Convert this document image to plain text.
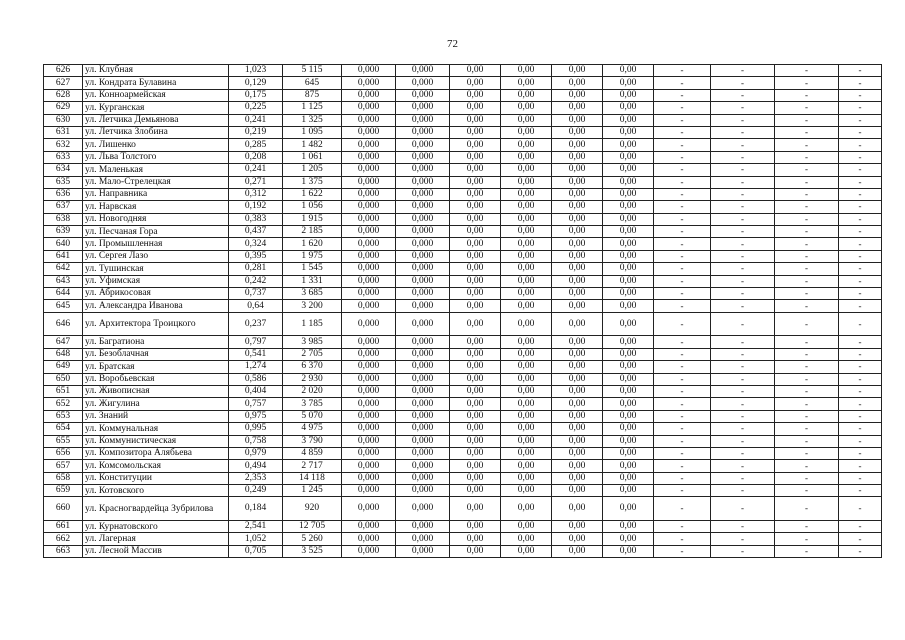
72
626	ул. Клубная	1,023	5 115	0,000	0,000	0,00	0,00	0,00	0,00	-	-	-	-
627	ул. Кондрата Булавина	0,129	645	0,000	0,000	0,00	0,00	0,00	0,00	-	-	-	-
628	ул. Конноармейская	0,175	875	0,000	0,000	0,00	0,00	0,00	0,00	-	-	-	-
629	ул. Курганская	0,225	1 125	0,000	0,000	0,00	0,00	0,00	0,00	-	-	-	-
630	ул. Летчика Демьянова	0,241	1 325	0,000	0,000	0,00	0,00	0,00	0,00	-	-	-	-
631	ул. Летчика Злобина	0,219	1 095	0,000	0,000	0,00	0,00	0,00	0,00	-	-	-	-
632	ул. Лишенко	0,285	1 482	0,000	0,000	0,00	0,00	0,00	0,00	-	-	-	-
633	ул. Льва Толстого	0,208	1 061	0,000	0,000	0,00	0,00	0,00	0,00	-	-	-	-
634	ул. Маленькая	0,241	1 205	0,000	0,000	0,00	0,00	0,00	0,00	-	-	-	-
635	ул. Мало-Стрелецкая	0,271	1 375	0,000	0,000	0,00	0,00	0,00	0,00	-	-	-	-
636	ул. Направника	0,312	1 622	0,000	0,000	0,00	0,00	0,00	0,00	-	-	-	-
637	ул. Нарвская	0,192	1 056	0,000	0,000	0,00	0,00	0,00	0,00	-	-	-	-
638	ул. Новогодняя	0,383	1 915	0,000	0,000	0,00	0,00	0,00	0,00	-	-	-	-
639	ул. Песчаная Гора	0,437	2 185	0,000	0,000	0,00	0,00	0,00	0,00	-	-	-	-
640	ул. Промышленная	0,324	1 620	0,000	0,000	0,00	0,00	0,00	0,00	-	-	-	-
641	ул. Сергея Лазо	0,395	1 975	0,000	0,000	0,00	0,00	0,00	0,00	-	-	-	-
642	ул. Тушинская	0,281	1 545	0,000	0,000	0,00	0,00	0,00	0,00	-	-	-	-
643	ул. Уфимская	0,242	1 331	0,000	0,000	0,00	0,00	0,00	0,00	-	-	-	-
644	ул. Абрикосовая	0,737	3 685	0,000	0,000	0,00	0,00	0,00	0,00	-	-	-	-
645	ул. Александра Иванова	0,64	3 200	0,000	0,000	0,00	0,00	0,00	0,00	-	-	-	-
646	ул. Архитектора Троицкого	0,237	1 185	0,000	0,000	0,00	0,00	0,00	0,00	-	-	-	-
647	ул. Багратиона	0,797	3 985	0,000	0,000	0,00	0,00	0,00	0,00	-	-	-	-
648	ул. Безоблачная	0,541	2 705	0,000	0,000	0,00	0,00	0,00	0,00	-	-	-	-
649	ул. Братская	1,274	6 370	0,000	0,000	0,00	0,00	0,00	0,00	-	-	-	-
650	ул. Воробьевская	0,586	2 930	0,000	0,000	0,00	0,00	0,00	0,00	-	-	-	-
651	ул. Живописная	0,404	2 020	0,000	0,000	0,00	0,00	0,00	0,00	-	-	-	-
652	ул. Жигулина	0,757	3 785	0,000	0,000	0,00	0,00	0,00	0,00	-	-	-	-
653	ул. Знаний	0,975	5 070	0,000	0,000	0,00	0,00	0,00	0,00	-	-	-	-
654	ул. Коммунальная	0,995	4 975	0,000	0,000	0,00	0,00	0,00	0,00	-	-	-	-
655	ул. Коммунистическая	0,758	3 790	0,000	0,000	0,00	0,00	0,00	0,00	-	-	-	-
656	ул. Композитора Алябьева	0,979	4 859	0,000	0,000	0,00	0,00	0,00	0,00	-	-	-	-
657	ул. Комсомольская	0,494	2 717	0,000	0,000	0,00	0,00	0,00	0,00	-	-	-	-
658	ул. Конституции	2,353	14 118	0,000	0,000	0,00	0,00	0,00	0,00	-	-	-	-
659	ул. Котовского	0,249	1 245	0,000	0,000	0,00	0,00	0,00	0,00	-	-	-	-
660	ул. Красногвардейца Зубрилова	0,184	920	0,000	0,000	0,00	0,00	0,00	0,00	-	-	-	-
661	ул. Курнатовского	2,541	12 705	0,000	0,000	0,00	0,00	0,00	0,00	-	-	-	-
662	ул. Лагерная	1,052	5 260	0,000	0,000	0,00	0,00	0,00	0,00	-	-	-	-
663	ул. Лесной Массив	0,705	3 525	0,000	0,000	0,00	0,00	0,00	0,00	-	-	-	-
